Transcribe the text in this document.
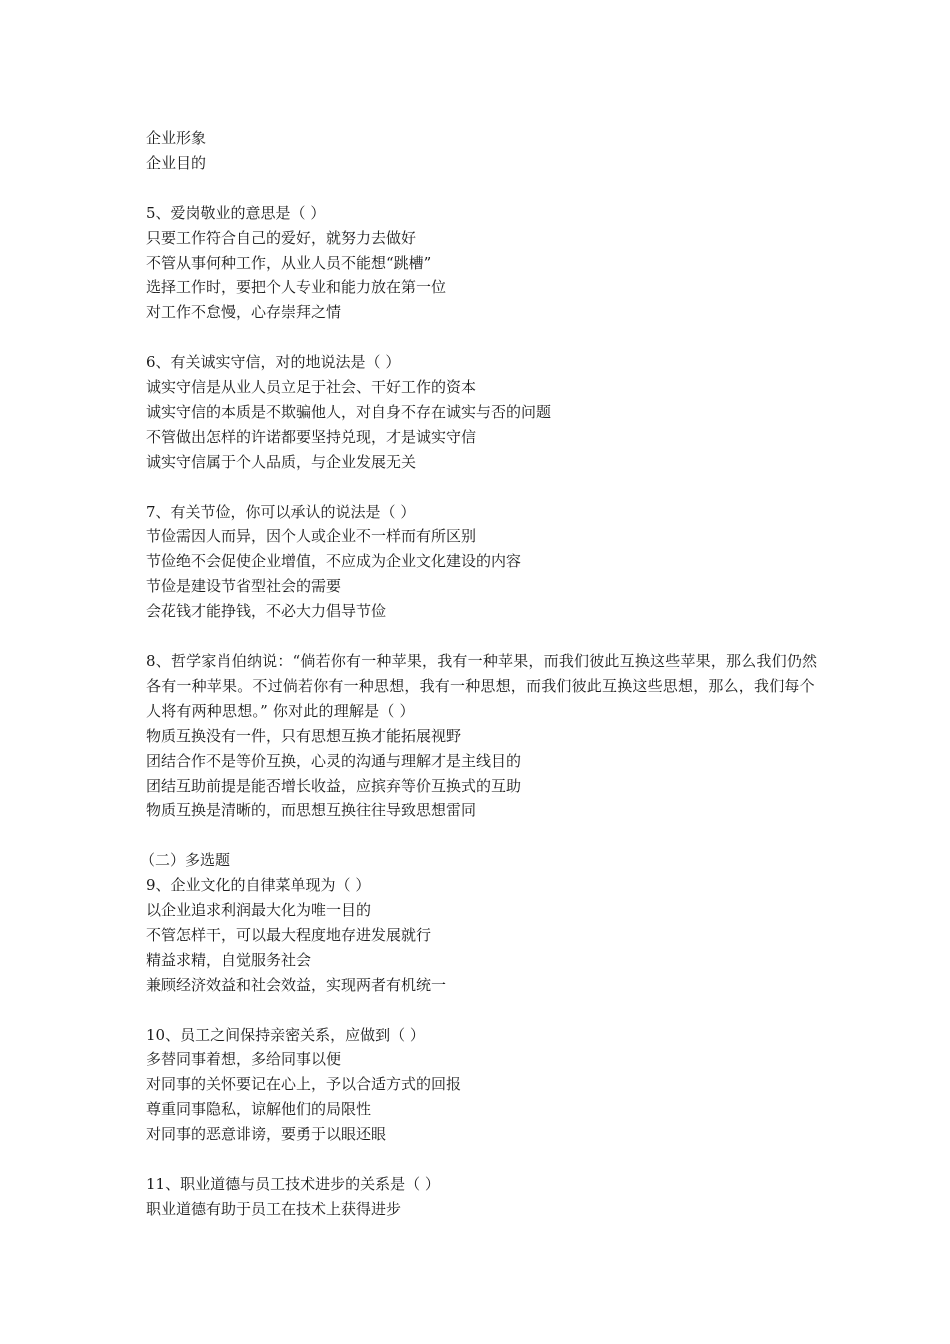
企业形象
企业目的
5、爱岗敬业的意思是（ ）
只要工作符合自己的爱好，就努力去做好
不管从事何种工作，从业人员不能想“跳槽”
选择工作时，要把个人专业和能力放在第一位
对工作不怠慢，心存崇拜之情
6、有关诚实守信，对的地说法是（ ）
诚实守信是从业人员立足于社会、干好工作的资本
诚实守信的本质是不欺骗他人，对自身不存在诚实与否的问题
不管做出怎样的许诺都要坚持兑现，才是诚实守信
诚实守信属于个人品质，与企业发展无关
7、有关节俭，你可以承认的说法是（ ）
节俭需因人而异，因个人或企业不一样而有所区别
节俭绝不会促使企业增值，不应成为企业文化建设的内容
节俭是建设节省型社会的需要
会花钱才能挣钱，不必大力倡导节俭
8、哲学家肖伯纳说：“倘若你有一种苹果，我有一种苹果，而我们彼此互换这些苹果，那么我们仍然各有一种苹果。不过倘若你有一种思想，我有一种思想，而我们彼此互换这些思想，那么，我们每个人将有两种思想。” 你对此的理解是（ ）
物质互换没有一件，只有思想互换才能拓展视野
团结合作不是等价互换，心灵的沟通与理解才是主线目的
团结互助前提是能否增长收益，应摈弃等价互换式的互助
物质互换是清晰的，而思想互换往往导致思想雷同
（二）多选题
9、企业文化的自律菜单现为（ ）
以企业追求利润最大化为唯一目的
不管怎样干，可以最大程度地存进发展就行
精益求精，自觉服务社会
兼顾经济效益和社会效益，实现两者有机统一
10、员工之间保持亲密关系，应做到（ ）
多替同事着想，多给同事以便
对同事的关怀要记在心上，予以合适方式的回报
尊重同事隐私，谅解他们的局限性
对同事的恶意诽谤，要勇于以眼还眼
11、职业道德与员工技术进步的关系是（ ）
职业道德有助于员工在技术上获得进步
